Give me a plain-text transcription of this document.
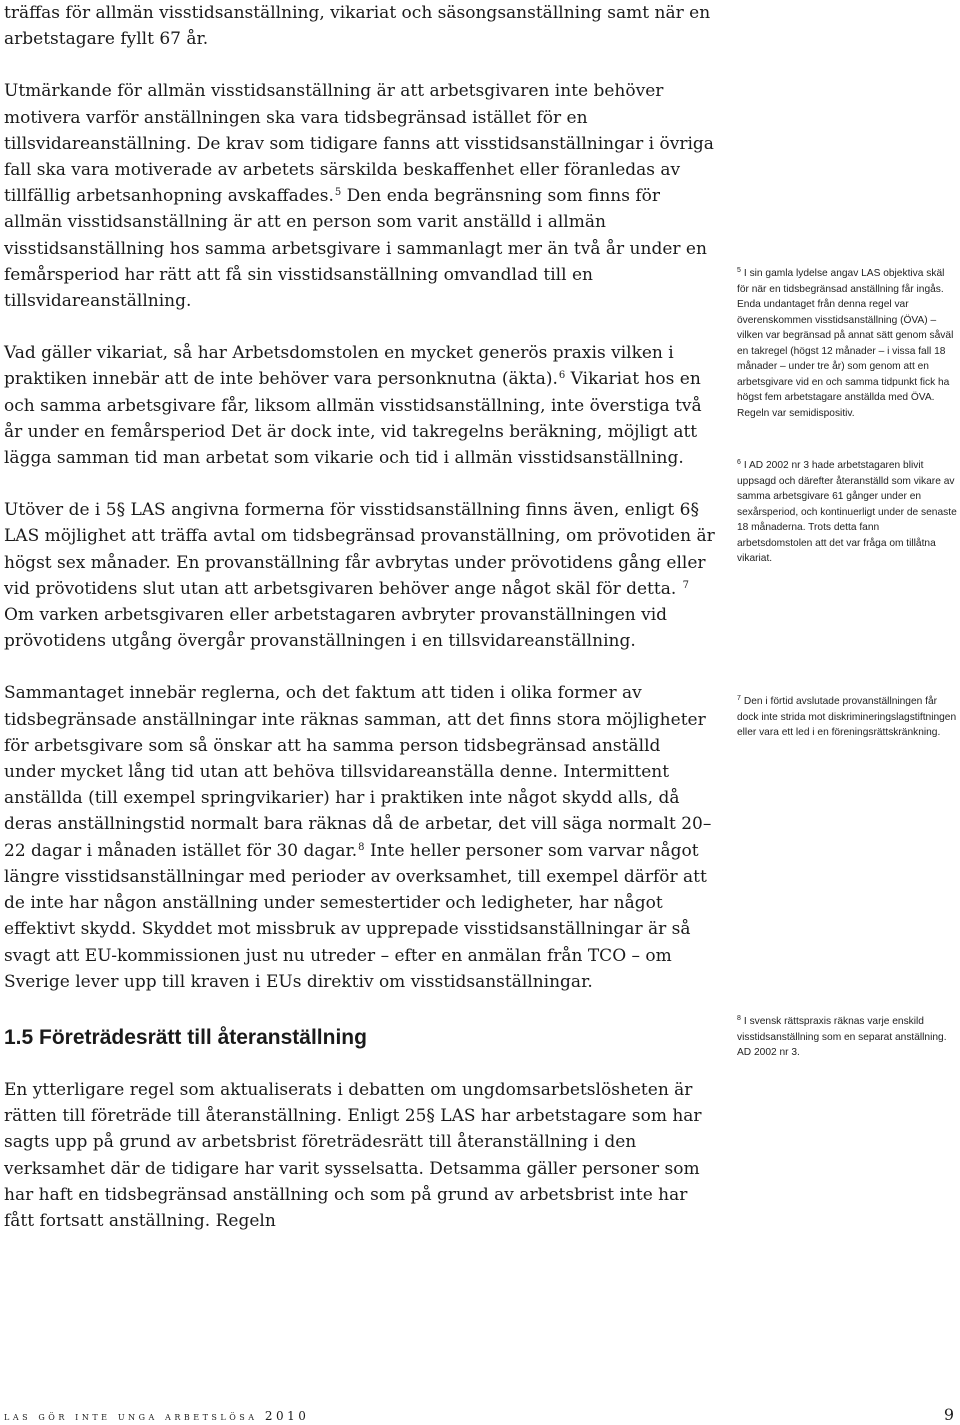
träffas för allmän visstidsanställning, vikariat och säsongsanställning samt när en arbetstagare fyllt 67 år.

Utmärkande för allmän visstidsanställning är att arbetsgivaren inte behöver motivera varför anställningen ska vara tidsbegränsad istället för en tillsvidareanställning. De krav som tidigare fanns att visstidsanställningar i övriga fall ska vara motiverade av arbetets särskilda beskaffenhet eller föranledas av tillfällig arbetsanhopning avskaffades.$^5$ Den enda begränsning som finns för allmän visstidsanställning är att en person som varit anställd i allmän visstidsanställning hos samma arbetsgivare i sammanlagt mer än två år under en femårsperiod har rätt att få sin visstidsanställning omvandlad till en tillsvidareanställning.

Vad gäller vikariat, så har Arbetsdomstolen en mycket generös praxis vilken i praktiken innebär att de inte behöver vara personknutna (äkta).$^6$ Vikariat hos en och samma arbetsgivare får, liksom allmän visstidsanställning, inte överstiga två år under en femårsperiod Det är dock inte, vid takregelns beräkning, möjligt att lägga samman tid man arbetat som vikarie och tid i allmän visstidsanställning.

Utöver de i 5§ LAS angivna formerna för visstidsanställning finns även, enligt 6§ LAS möjlighet att träffa avtal om tidsbegränsad provanställning, om prövotiden är högst sex månader. En provanställning får avbrytas under prövotidens gång eller vid prövotidens slut utan att arbetsgivaren behöver ange något skäl för detta. $^7$ Om varken arbetsgivaren eller arbetstagaren avbryter provanställningen vid prövotidens utgång övergår provanställningen i en tillsvidareanställning.

Sammantaget innebär reglerna, och det faktum att tiden i olika former av tidsbegränsade anställningar inte räknas samman, att det finns stora möjligheter för arbetsgivare som så önskar att ha samma person tidsbegränsad anställd under mycket lång tid utan att behöva tillsvidareanställa denne. Intermittent anställda (till exempel springvikarier) har i praktiken inte något skydd alls, då deras anställningstid normalt bara räknas då de arbetar, det vill säga normalt 20–22 dagar i månaden istället för 30 dagar.$^8$ Inte heller personer som varvar något längre visstidsanställningar med perioder av overksamhet, till exempel därför att de inte har någon anställning under semestertider och ledigheter, har något effektivt skydd. Skyddet mot missbruk av upprepade visstidsanställningar är så svagt att EU-kommissionen just nu utreder – efter en anmälan från TCO – om Sverige lever upp till kraven i EUs direktiv om visstidsanställningar.

1.5 Företrädesrätt till återanställning

En ytterligare regel som aktualiserats i debatten om ungdomsarbetslösheten är rätten till företräde till återanställning. Enligt 25§ LAS har arbetstagare som har sagts upp på grund av arbetsbrist företrädesrätt till återanställning i den verksamhet där de tidigare har varit sysselsatta. Detsamma gäller personer som har haft en tidsbegränsad anställning och som på grund av arbetsbrist inte har fått fortsatt anställning. Regeln

$^5$ I sin gamla lydelse angav LAS objektiva skäl för när en tidsbegränsad anställning får ingås. Enda undantaget från denna regel var överenskommen visstidsanställning (ÖVA) – vilken var begränsad på annat sätt genom såväl en takregel (högst 12 månader – i vissa fall 18 månader – under tre år) som genom att en arbetsgivare vid en och samma tidpunkt fick ha högst fem arbetstagare anställda med ÖVA. Regeln var semidispositiv.
$^6$ I AD 2002 nr 3 hade arbetstagaren blivit uppsagd och därefter återanställd som vikare av samma arbetsgivare 61 gånger under en sexårsperiod, och kontinuerligt under de senaste 18 månaderna. Trots detta fann arbetsdomstolen att det var fråga om tillåtna vikariat.
$^7$ Den i förtid avslutade provanställningen får dock inte strida mot diskrimineringslagstiftningen eller vara ett led i en föreningsrättskränkning.
$^8$ I svensk rättspraxis räknas varje enskild visstidsanställning som en separat anställning. AD 2002 nr 3.
las gör inte unga arbetslösa 2010	9
